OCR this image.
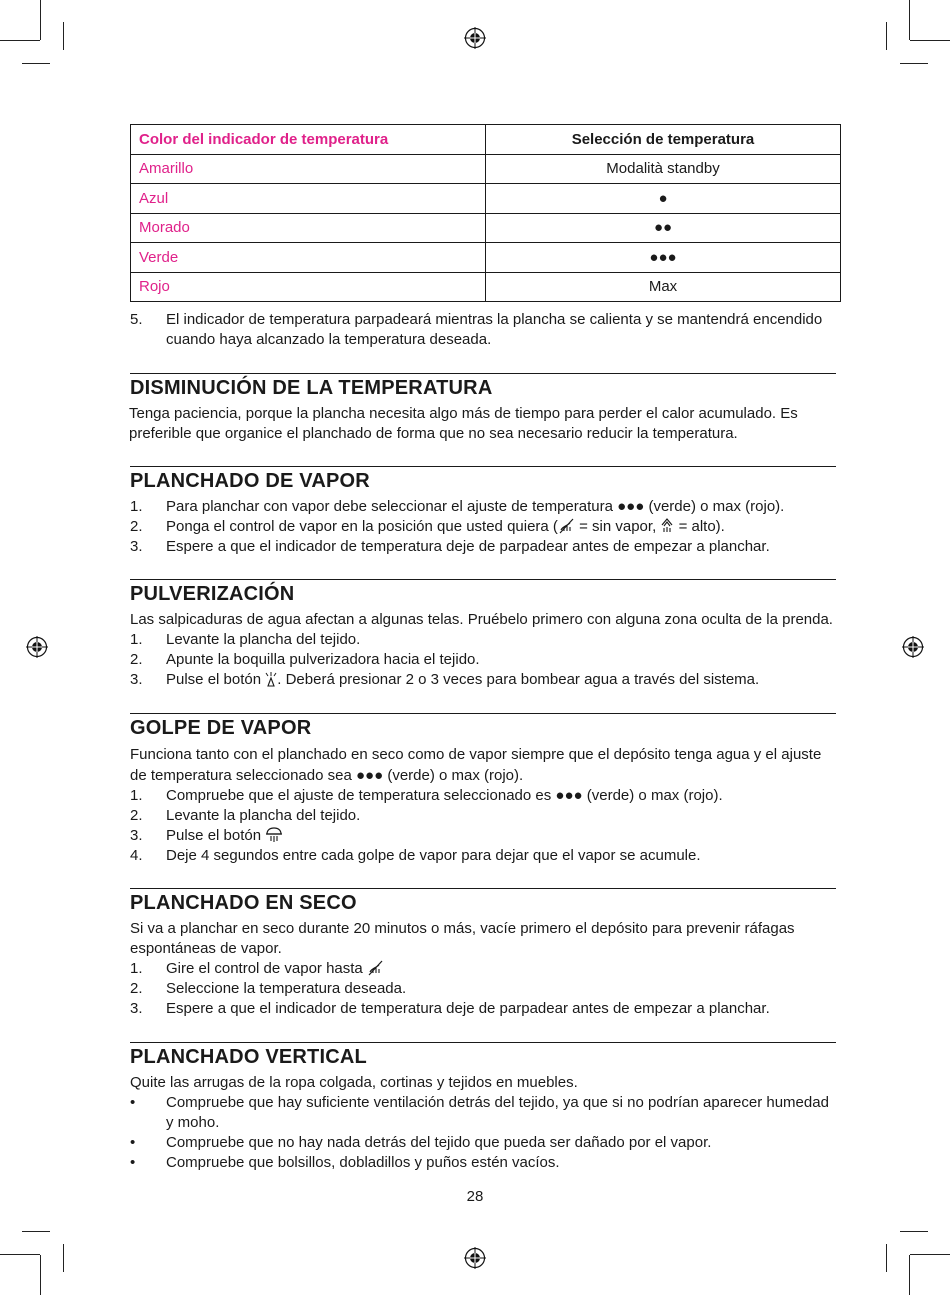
Color del indicador de temperatura	Selección de temperatura
Amarillo	Modalità standby
Azul	●
Morado	●●
Verde	●●●
Rojo	Max
5. El indicador de temperatura parpadeará mientras la plancha se calienta y se mantendrá encendido cuando haya alcanzado la temperatura deseada.
DISMINUCIÓN DE LA TEMPERATURA

Tenga paciencia, porque la plancha necesita algo más de tiempo para perder el calor acumulado. Es preferible que organice el planchado de forma que no sea necesario reducir la temperatura.

PLANCHADO DE VAPOR
1. Para planchar con vapor debe seleccionar el ajuste de temperatura ●●● (verde) o max (rojo).
2. Ponga el control de vapor en la posición que usted quiera ( = sin vapor,  = alto).
3. Espere a que el indicador de temperatura deje de parpadear antes de empezar a planchar.
PULVERIZACIÓN

Las salpicaduras de agua afectan a algunas telas. Pruébelo primero con alguna zona oculta de la prenda.

1. Levante la plancha del tejido.
2. Apunte la boquilla pulverizadora hacia el tejido.
3. Pulse el botón . Deberá presionar 2 o 3 veces para bombear agua a través del sistema.
GOLPE DE VAPOR

Funciona tanto con el planchado en seco como de vapor siempre que el depósito tenga agua y el ajuste de temperatura seleccionado sea ●●● (verde) o max (rojo).

1. Compruebe que el ajuste de temperatura seleccionado es ●●● (verde) o max (rojo).
2. Levante la plancha del tejido.
3. Pulse el botón
4. Deje 4 segundos entre cada golpe de vapor para dejar que el vapor se acumule.
PLANCHADO EN SECO

Si va a planchar en seco durante 20 minutos o más, vacíe primero el depósito para prevenir ráfagas espontáneas de vapor.

1. Gire el control de vapor hasta
2. Seleccione la temperatura deseada.
3. Espere a que el indicador de temperatura deje de parpadear antes de empezar a planchar.
PLANCHADO VERTICAL

Quite las arrugas de la ropa colgada, cortinas y tejidos en muebles.

• Compruebe que hay suficiente ventilación detrás del tejido, ya que si no podrían aparecer humedad y moho.
• Compruebe que no hay nada detrás del tejido que pueda ser dañado por el vapor.
• Compruebe que bolsillos, dobladillos y puños estén vacíos.
28
